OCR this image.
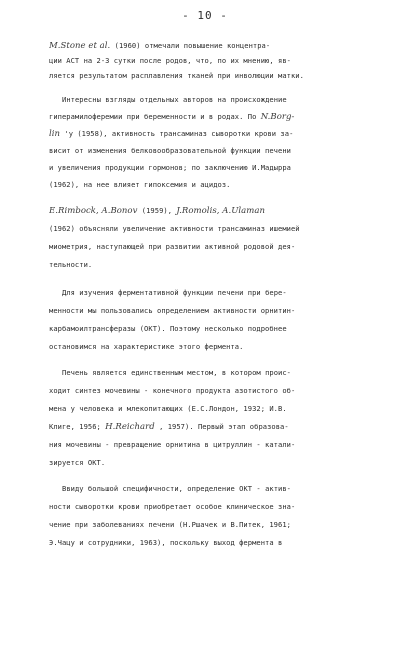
- 10 -
M.Stone et al. (1960) отмечали повышение концентра-
ции АСТ на 2-3 сутки после родов, что, по их мнению, яв-
ляется результатом расплавления тканей при инволюции матки.
Интересны взгляды отдельных авторов на происхождение
гиперамилоферемии при беременности и в родах. По N.Borg-
lin 'у (1958), активность трансаминаз сыворотки крови за-
висит от изменения белковообразовательной функции печени
и увеличения продукции гормонов; по заключению И.Мадырра
(1962), на нее влияет гипоксемия и ацидоз.
E.Rimbock, A.Bonov (1959), J.Romolis, A.Ulaman
(1962) объясняли увеличение активности трансаминаз ишемией
миометрия, наступающей при развитии активной родовой дея-
тельности.
Для изучения ферментативной функции печени при бере-
менности мы пользовались определением активности орнитин-
карбамоилтрансферазы (ОКТ). Поэтому несколько подробнее
остановимся на характеристике этого фермента.
Печень является единственным местом, в котором проис-
ходит синтез мочевины - конечного продукта азотистого об-
мена у человека и млекопитающих (Е.С.Лондон, 1932; И.В.
Клиге, 1956; H.Reichard , 1957). Первый этап образова-
ния мочевины - превращение орнитина в цитруллин - катали-
зируется ОКТ.
Ввиду большой специфичности, определение ОКТ - актив-
ности сыворотки крови приобретает особое клиническое зна-
чение при заболеваниях печени (Н.Ршачек и В.Питек, 1961;
Э.Чацу и сотрудники, 1963), поскольку выход фермента в
